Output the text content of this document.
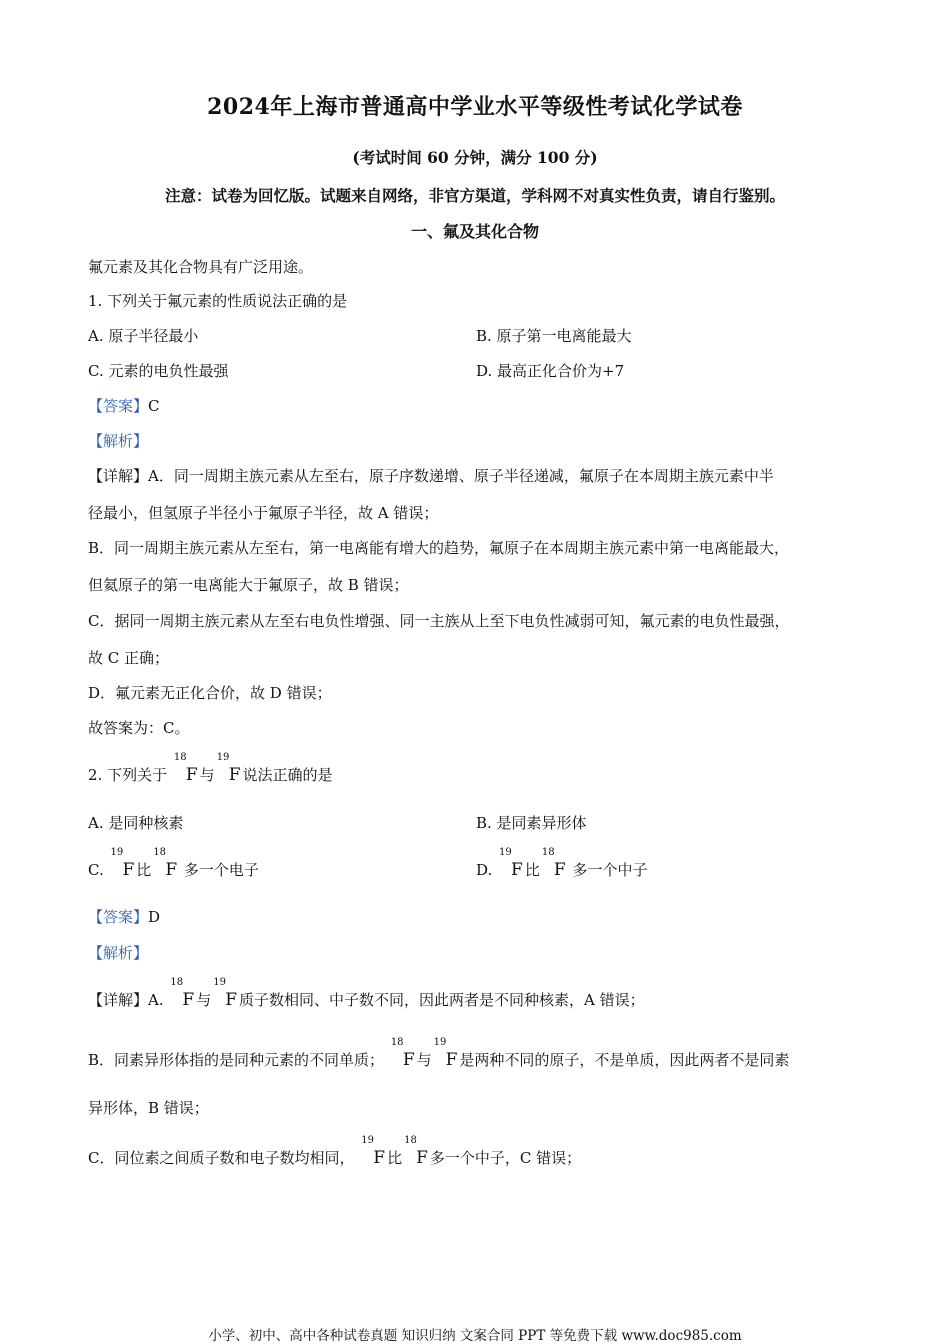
2024年上海市普通高中学业水平等级性考试化学试卷
(考试时间 60 分钟，满分 100 分)
注意：试卷为回忆版。试题来自网络，非官方渠道，学科网不对真实性负责，请自行鉴别。
一、氟及其化合物
氟元素及其化合物具有广泛用途。
1. 下列关于氟元素的性质说法正确的是
A. 原子半径最小	B. 原子第一电离能最大
C. 元素的电负性最强	D. 最高正化合价为+7
【答案】C
【解析】
【详解】A．同一周期主族元素从左至右，原子序数递增、原子半径递减，氟原子在本周期主族元素中半
径最小，但氢原子半径小于氟原子半径，故 A 错误；
B．同一周期主族元素从左至右，第一电离能有增大的趋势，氟原子在本周期主族元素中第一电离能最大，
但氦原子的第一电离能大于氟原子，故 B 错误；
C．据同一周期主族元素从左至右电负性增强、同一主族从上至下电负性减弱可知，氟元素的电负性最强，
故 C 正确；
D．氟元素无正化合价，故 D 错误；
故答案为：C。
2. 下列关于
18
F 与
19
F 说法正确的是
A. 是同种核素	B. 是同素异形体
C.
19
F 比
18
F 多一个电子	D.
19
F 比
18
F 多一个中子
【答案】D
【解析】
【详解】A.
18
F 与
19
F 质子数相同、中子数不同，因此两者是不同种核素，A 错误；
B．同素异形体指的是同种元素的不同单质；
18
F 与
19
F 是两种不同的原子，不是单质，因此两者不是同素
异形体，B 错误；
C．同位素之间质子数和电子数均相同，
19
F 比
18
F 多一个中子，C 错误；
小学、初中、高中各种试卷真题 知识归纳 文案合同 PPT 等免费下载 www.doc985.com
